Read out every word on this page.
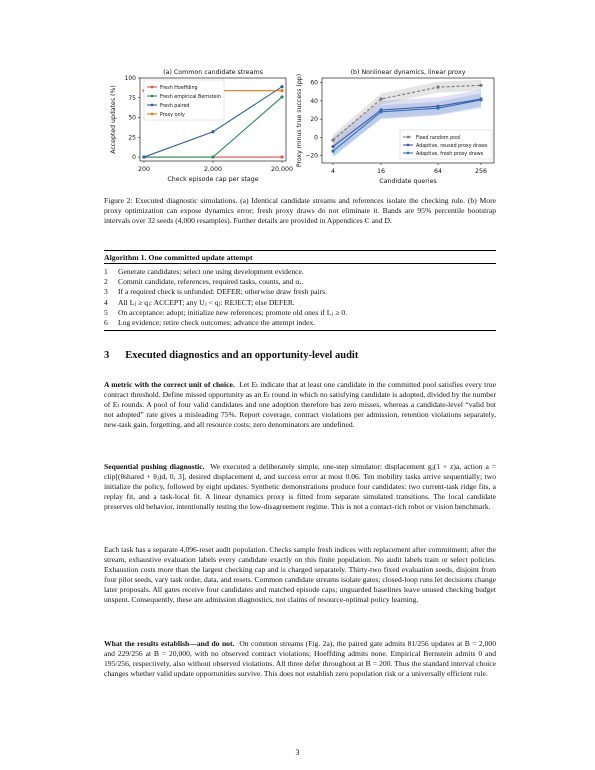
(a) Common candidate streams
0
25
50
75
100
200	2,000	20,000
Check episode cap per stage
Accepted updates (%)	Fresh Hoeffding
Fresh empirical Bernstein
Fresh paired
Proxy only
(b) Nonlinear dynamics, linear proxy
−20
0
20
40
60
4	16	64	256
Candidate queries
Proxy minus true success (pp)	Fixed random pool
Adaptive, reused proxy draws
Adaptive, fresh proxy draws
Figure 2: Executed diagnostic simulations. (a) Identical candidate streams and references isolate the checking rule. (b) More proxy optimization can expose dynamics error; fresh proxy draws do not eliminate it. Bands are 95% percentile bootstrap intervals over 32 seeds (4,000 resamples). Further details are provided in Appendices C and D.
Algorithm 1. One committed update attempt
1 Generate candidates; select one using development evidence.
2 Commit candidate, references, required tasks, counts, and αₓ.
3 If a required check is unfunded: DEFER; otherwise draw fresh pairs.
4 All Lⱼ ≥ qⱼ: ACCEPT; any Uⱼ < qⱼ: REJECT; else DEFER.
5 On acceptance: adopt; initialize new references; promote old ones if Lⱼ ≥ 0.
6 Log evidence; retire check outcomes; advance the attempt index.
3 Executed diagnostics and an opportunity-level audit
A metric with the correct unit of choice. Let Eₜ indicate that at least one candidate in the committed pool satisfies every true contract threshold. Define missed opportunity as an Eₜ round in which no satisfying candidate is adopted, divided by the number of Eₜ rounds. A pool of four valid candidates and one adoption therefore has zero misses, whereas a candidate-level “valid but not adopted” rate gives a misleading 75%. Report coverage, contract violations per admission, retention violations separately, new-task gain, forgetting, and all resource costs; zero denominators are undefined.
Sequential pushing diagnostic. We executed a deliberately simple, one-step simulator: displacement gⱼ(1 + z)a, action a = clip[(θshared + θⱼ)d, 0, 3], desired displacement d, and success error at most 0.06. Ten mobility tasks arrive sequentially; two initialize the policy, followed by eight updates. Synthetic demonstrations produce four candidates: two current-task ridge fits, a replay fit, and a task-local fit. A linear dynamics proxy is fitted from separate simulated transitions. The local candidate preserves old behavior, intentionally testing the low-disagreement regime. This is not a contact-rich robot or vision benchmark.
Each task has a separate 4,096-reset audit population. Checks sample fresh indices with replacement after commitment; after the stream, exhaustive evaluation labels every candidate exactly on this finite population. No audit labels train or select policies. Exhaustion costs more than the largest checking cap and is charged separately. Thirty-two fixed evaluation seeds, disjoint from four pilot seeds, vary task order, data, and resets. Common candidate streams isolate gates; closed-loop runs let decisions change later proposals. All gates receive four candidates and matched episode caps; unguarded baselines leave unused checking budget unspent. Consequently, these are admission diagnostics, not claims of resource-optimal policy learning.
What the results establish—and do not. On common streams (Fig. 2a), the paired gate admits 81/256 updates at B = 2,000 and 229/256 at B = 20,000, with no observed contract violations; Hoeffding admits none. Empirical Bernstein admits 0 and 195/256, respectively, also without observed violations. All three defer throughout at B = 200. Thus the standard interval choice changes whether valid update opportunities survive. This does not establish zero population risk or a universally efficient rule.
3
